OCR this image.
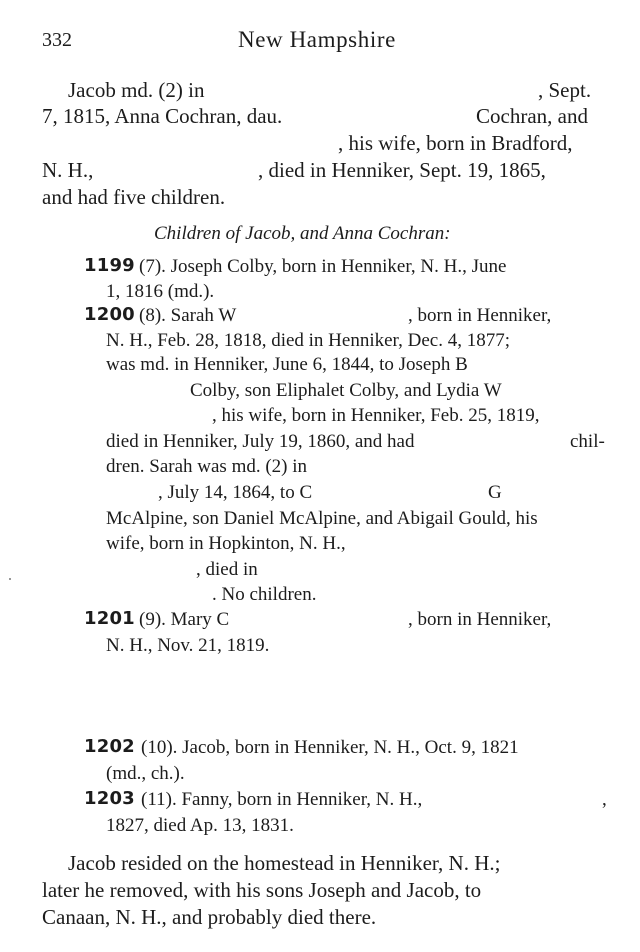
332	New Hampshire
Jacob md. (2) in	, Sept.
7, 1815, Anna Cochran, dau.	Cochran, and
, his wife, born in Bradford,
N. H.,	, died in Henniker, Sept. 19, 1865,
and had five children.
Children of Jacob, and Anna Cochran:
1199 (7). Joseph Colby, born in Henniker, N. H., June
1, 1816 (md.).
1200 (8). Sarah W	, born in Henniker,
N. H., Feb. 28, 1818, died in Henniker, Dec. 4, 1877;
was md. in Henniker, June 6, 1844, to Joseph B
Colby, son Eliphalet Colby, and Lydia W
, his wife, born in Henniker, Feb. 25, 1819,
died in Henniker, July 19, 1860, and had	chil-
dren. Sarah was md. (2) in
, July 14, 1864, to C	G
McAlpine, son Daniel McAlpine, and Abigail Gould, his
wife, born in Hopkinton, N. H.,
, died in
. No children.
1201 (9). Mary C	, born in Henniker,
N. H., Nov. 21, 1819.
1202 (10). Jacob, born in Henniker, N. H., Oct. 9, 1821
(md., ch.).
1203 (11). Fanny, born in Henniker, N. H.,	,
1827, died Ap. 13, 1831.
Jacob resided on the homestead in Henniker, N. H.;
later he removed, with his sons Joseph and Jacob, to
Canaan, N. H., and probably died there.
